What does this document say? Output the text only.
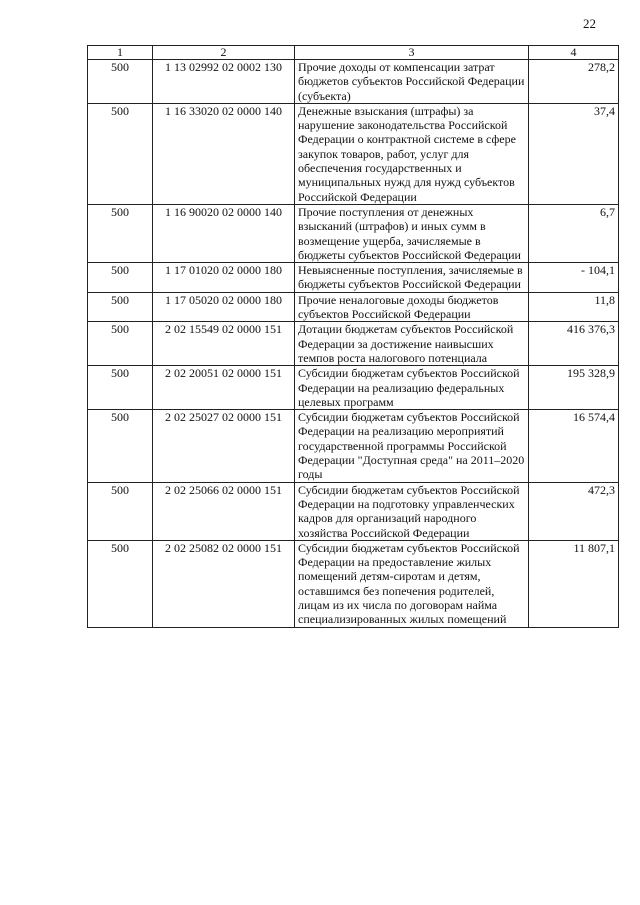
22
1	2	3	4
500	1 13 02992 02 0002 130	Прочие доходы от компенсации затрат бюджетов субъектов Российской Федерации (субъекта)	278,2
500	1 16 33020 02 0000 140	Денежные взыскания (штрафы) за нарушение законодательства Российской Федерации о контрактной системе в сфере закупок товаров, работ, услуг для обеспечения государственных и муниципальных нужд для нужд субъектов Российской Федерации	37,4
500	1 16 90020 02 0000 140	Прочие поступления от денежных взысканий (штрафов) и иных сумм в возмещение ущерба, зачисляемые в бюджеты субъектов Российской Федерации	6,7
500	1 17 01020 02 0000 180	Невыясненные поступления, зачисляемые в бюджеты субъектов Российской Федерации	- 104,1
500	1 17 05020 02 0000 180	Прочие неналоговые доходы бюджетов субъектов Российской Федерации	11,8
500	2 02 15549 02 0000 151	Дотации бюджетам субъектов Российской Федерации за достижение наивысших темпов роста налогового потенциала	416 376,3
500	2 02 20051 02 0000 151	Субсидии бюджетам субъектов Российской Федерации на реализацию федеральных целевых программ	195 328,9
500	2 02 25027 02 0000 151	Субсидии бюджетам субъектов Российской Федерации на реализацию мероприятий государственной программы Российской Федерации "Доступная среда" на 2011–2020 годы	16 574,4
500	2 02 25066 02 0000 151	Субсидии бюджетам субъектов Российской Федерации на подготовку управленческих кадров для организаций народного хозяйства Российской Федерации	472,3
500	2 02 25082 02 0000 151	Субсидии бюджетам субъектов Российской Федерации на предоставление жилых помещений детям-сиротам и детям, оставшимся без попечения родителей, лицам из их числа по договорам найма специализированных жилых помещений	11 807,1
